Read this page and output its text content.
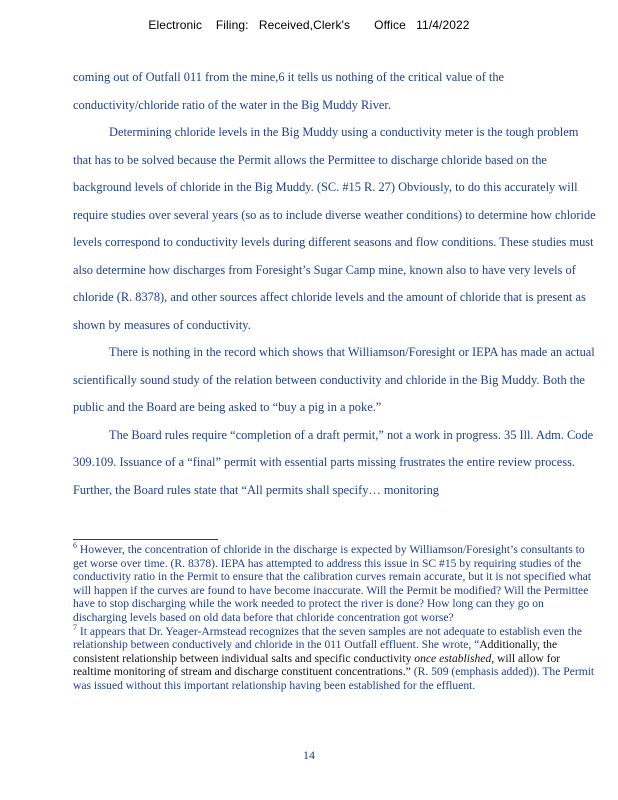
Electronic    Filing:   Received,Clerk's       Office   11/4/2022

coming out of Outfall 011 from the mine,6 it tells us nothing of the critical value of the conductivity/chloride ratio of the water in the Big Muddy River.

Determining chloride levels in the Big Muddy using a conductivity meter is the tough problem that has to be solved because the Permit allows the Permittee to discharge chloride based on the background levels of chloride in the Big Muddy. (SC. #15 R. 27) Obviously, to do this accurately will require studies over several years (so as to include diverse weather conditions) to determine how chloride levels correspond to conductivity levels during different seasons and flow conditions. These studies must also determine how discharges from Foresight’s Sugar Camp mine, known also to have very levels of chloride (R. 8378), and other sources affect chloride levels and the amount of chloride that is present as shown by measures of conductivity.

There is nothing in the record which shows that Williamson/Foresight or IEPA has made an actual scientifically sound study of the relation between conductivity and chloride in the Big Muddy. Both the public and the Board are being asked to “buy a pig in a poke.”

The Board rules require “completion of a draft permit,” not a work in progress. 35 Ill. Adm. Code 309.109. Issuance of a “final” permit with essential parts missing frustrates the entire review process. Further, the Board rules state that “All permits shall specify… monitoring

$^6$ However, the concentration of chloride in the discharge is expected by Williamson/Foresight’s consultants to get worse over time. (R. 8378). IEPA has attempted to address this issue in SC #15 by requiring studies of the conductivity ratio in the Permit to ensure that the calibration curves remain accurate, but it is not specified what will happen if the curves are found to have become inaccurate. Will the Permit be modified? Will the Permittee have to stop discharging while the work needed to protect the river is done? How long can they go on discharging levels based on old data before that chloride concentration got worse?

$^7$ It appears that Dr. Yeager-Armstead recognizes that the seven samples are not adequate to establish even the relationship between conductively and chloride in the 011 Outfall effluent. She wrote, “Additionally, the consistent relationship between individual salts and specific conductivity once established, will allow for realtime monitoring of stream and discharge constituent concentrations.” (R. 509 (emphasis added)). The Permit was issued without this important relationship having been established for the effluent.

14
